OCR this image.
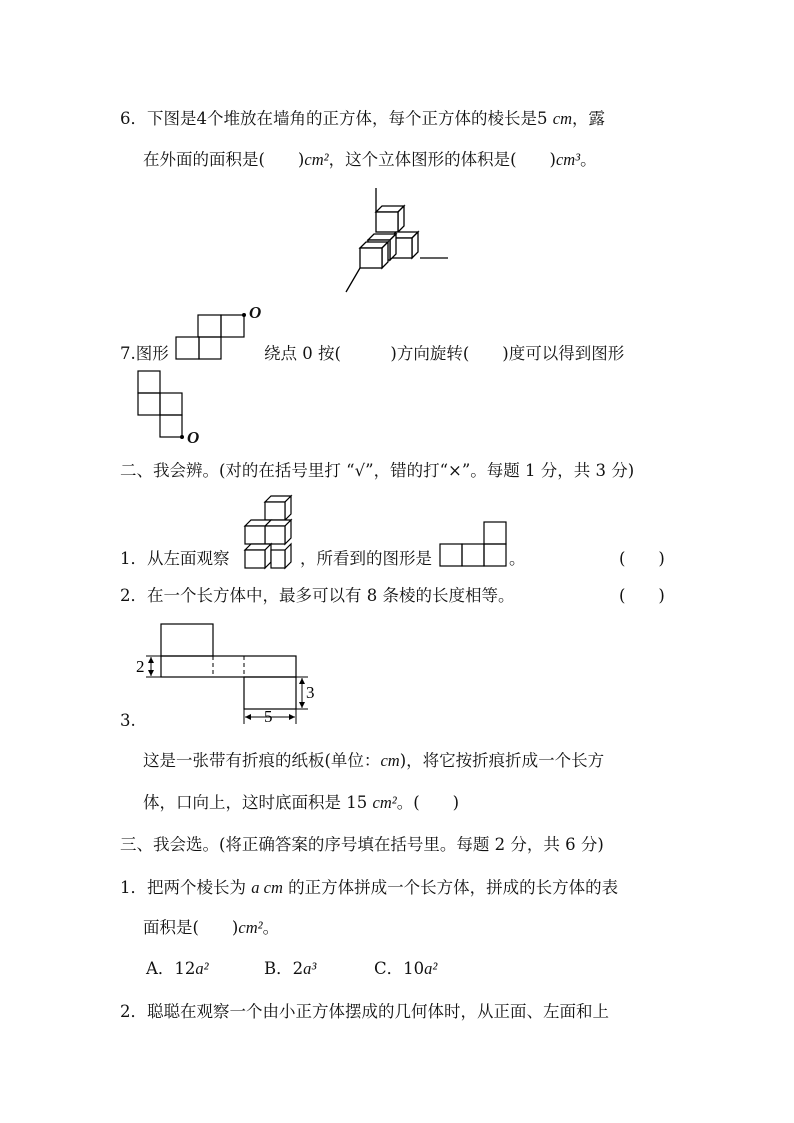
6．下图是4个堆放在墙角的正方体，每个正方体的棱长是5 cm，露
在外面的面积是(　　)cm²，这个立体图形的体积是(　　)cm³。
O
7.图形	绕点 0 按(　　　)方向旋转(　　)度可以得到图形
O
二、我会辨。(对的在括号里打 “√”，错的打“×”。每题 1 分，共 3 分)
1．从左面观察	，所看到的图形是	。	(　　)
2．在一个长方体中，最多可以有 8 条棱的长度相等。	(　　)
2
3
5
3.
这是一张带有折痕的纸板(单位：cm)，将它按折痕折成一个长方
体，口向上，这时底面积是 15 cm²。(　　)
三、我会选。(将正确答案的序号填在括号里。每题 2 分，共 6 分)
1．把两个棱长为 a cm 的正方体拼成一个长方体，拼成的长方体的表
面积是(　　)cm²。
A．12a²	B．2a³	C．10a²
2．聪聪在观察一个由小正方体摆成的几何体时，从正面、左面和上
